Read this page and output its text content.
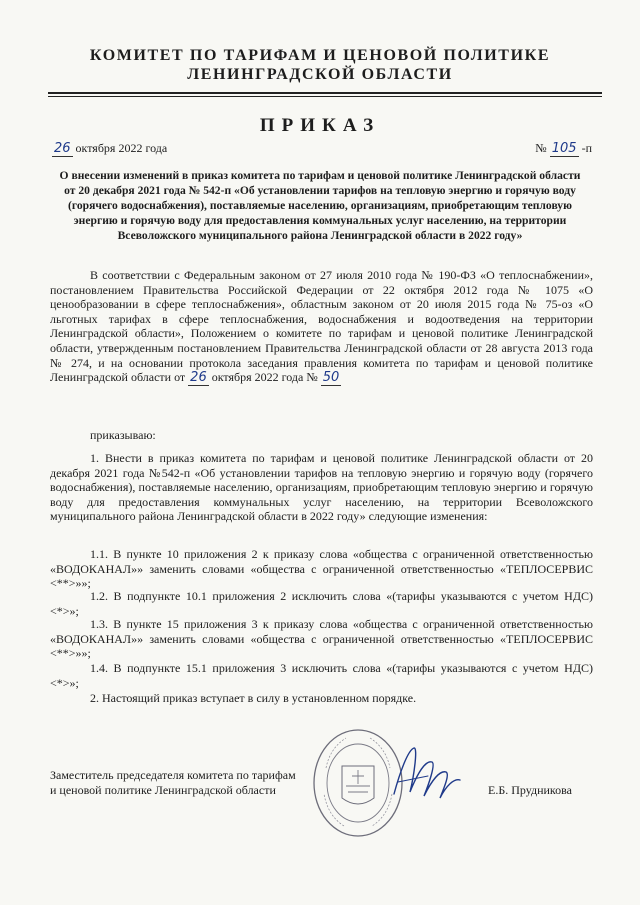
КОМИТЕТ ПО ТАРИФАМ И ЦЕНОВОЙ ПОЛИТИКЕ
ЛЕНИНГРАДСКОЙ ОБЛАСТИ
ПРИКАЗ
26 октября 2022 года	№ 105 -п
О внесении изменений в приказ комитета по тарифам и ценовой политике Ленинградской области от 20 декабря 2021 года № 542-п «Об установлении тарифов на тепловую энергию и горячую воду (горячего водоснабжения), поставляемые населению, организациям, приобретающим тепловую энергию и горячую воду для предоставления коммунальных услуг населению, на территории Всеволожского муниципального района Ленинградской области в 2022 году»
В соответствии с Федеральным законом от 27 июля 2010 года № 190-ФЗ «О теплоснабжении», постановлением Правительства Российской Федерации от 22 октября 2012 года № 1075 «О ценообразовании в сфере теплоснабжения», областным законом от 20 июля 2015 года № 75-оз «О льготных тарифах в сфере теплоснабжения, водоснабжения и водоотведения на территории Ленинградской области», Положением о комитете по тарифам и ценовой политике Ленинградской области, утвержденным постановлением Правительства Ленинградской области от 28 августа 2013 года № 274, и на основании протокола заседания правления комитета по тарифам и ценовой политике Ленинградской области от 26 октября 2022 года № 50
приказываю:
1. Внести в приказ комитета по тарифам и ценовой политике Ленинградской области от 20 декабря 2021 года №542-п «Об установлении тарифов на тепловую энергию и горячую воду (горячего водоснабжения), поставляемые населению, организациям, приобретающим тепловую энергию и горячую воду для предоставления коммунальных услуг населению, на территории Всеволожского муниципального района Ленинградской области в 2022 году» следующие изменения:
1.1. В пункте 10 приложения 2 к приказу слова «общества с ограниченной ответственностью «ВОДОКАНАЛ»» заменить словами «общества с ограниченной ответственностью «ТЕПЛОСЕРВИС <**>»»;
1.2. В подпункте 10.1 приложения 2 исключить слова «(тарифы указываются с учетом НДС) <*>»;
1.3. В пункте 15 приложения 3 к приказу слова «общества с ограниченной ответственностью «ВОДОКАНАЛ»» заменить словами «общества с ограниченной ответственностью «ТЕПЛОСЕРВИС <**>»»;
1.4. В подпункте 15.1 приложения 3 исключить слова «(тарифы указываются с учетом НДС) <*>»;
2. Настоящий приказ вступает в силу в установленном порядке.
Заместитель председателя комитета по тарифам
и ценовой политике Ленинградской области	Е.Б. Прудникова
